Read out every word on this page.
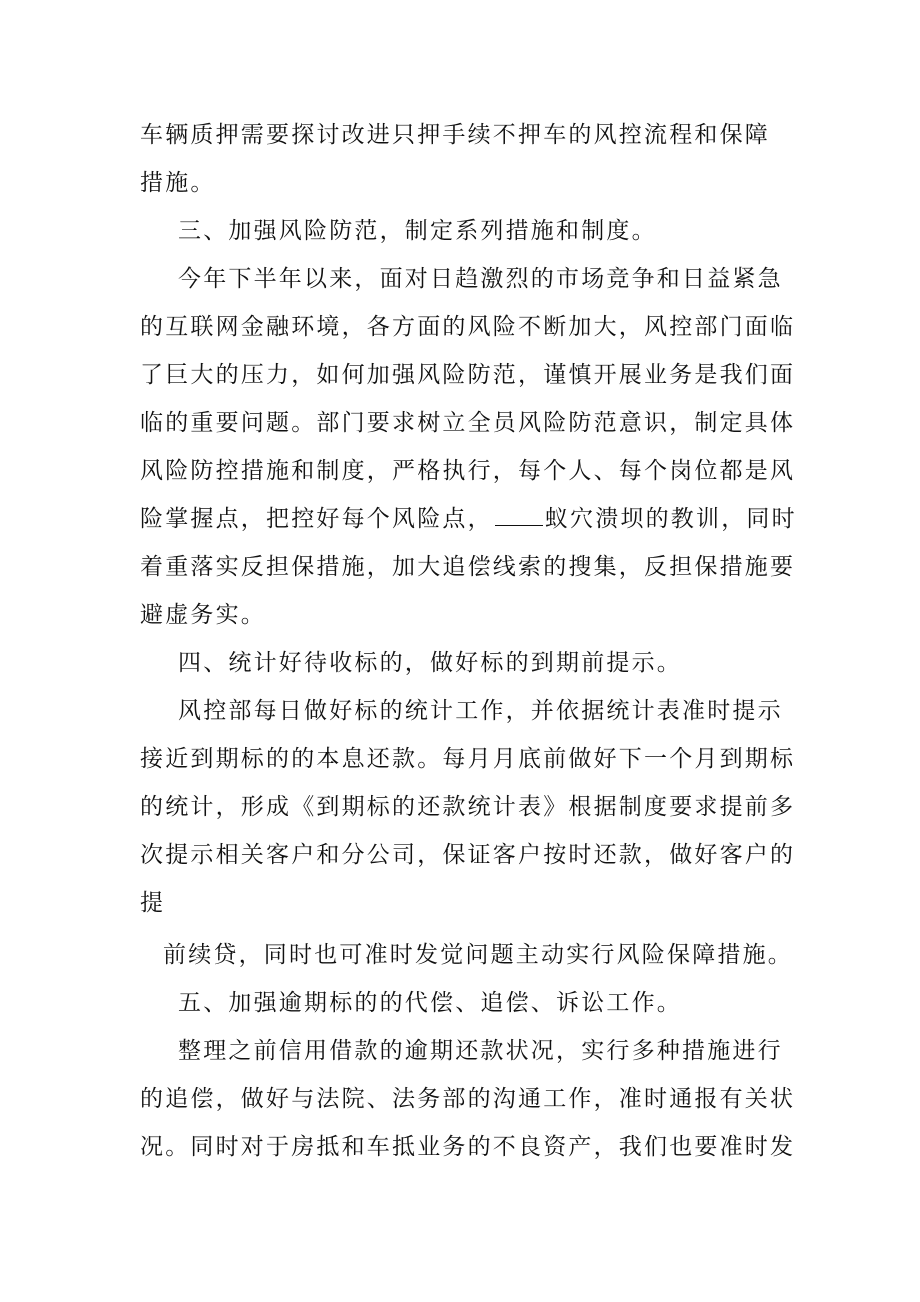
车辆质押需要探讨改进只押手续不押车的风控流程和保障
措施。
三、加强风险防范，制定系列措施和制度。
今年下半年以来，面对日趋激烈的市场竞争和日益紧急
的互联网金融环境，各方面的风险不断加大，风控部门面临
了巨大的压力，如何加强风险防范，谨慎开展业务是我们面
临的重要问题。部门要求树立全员风险防范意识，制定具体
风险防控措施和制度，严格执行，每个人、每个岗位都是风
险掌握点，把控好每个风险点， 蚁穴溃坝的教训，同时
着重落实反担保措施，加大追偿线索的搜集，反担保措施要
避虚务实。
四、统计好待收标的，做好标的到期前提示。
风控部每日做好标的统计工作，并依据统计表准时提示
接近到期标的的本息还款。每月月底前做好下一个月到期标
的统计，形成《到期标的还款统计表》根据制度要求提前多
次提示相关客户和分公司，保证客户按时还款，做好客户的
提
前续贷，同时也可准时发觉问题主动实行风险保障措施。
五、加强逾期标的的代偿、追偿、诉讼工作。
整理之前信用借款的逾期还款状况，实行多种措施进行
的追偿，做好与法院、法务部的沟通工作，准时通报有关状
况。同时对于房抵和车抵业务的不良资产，我们也要准时发
